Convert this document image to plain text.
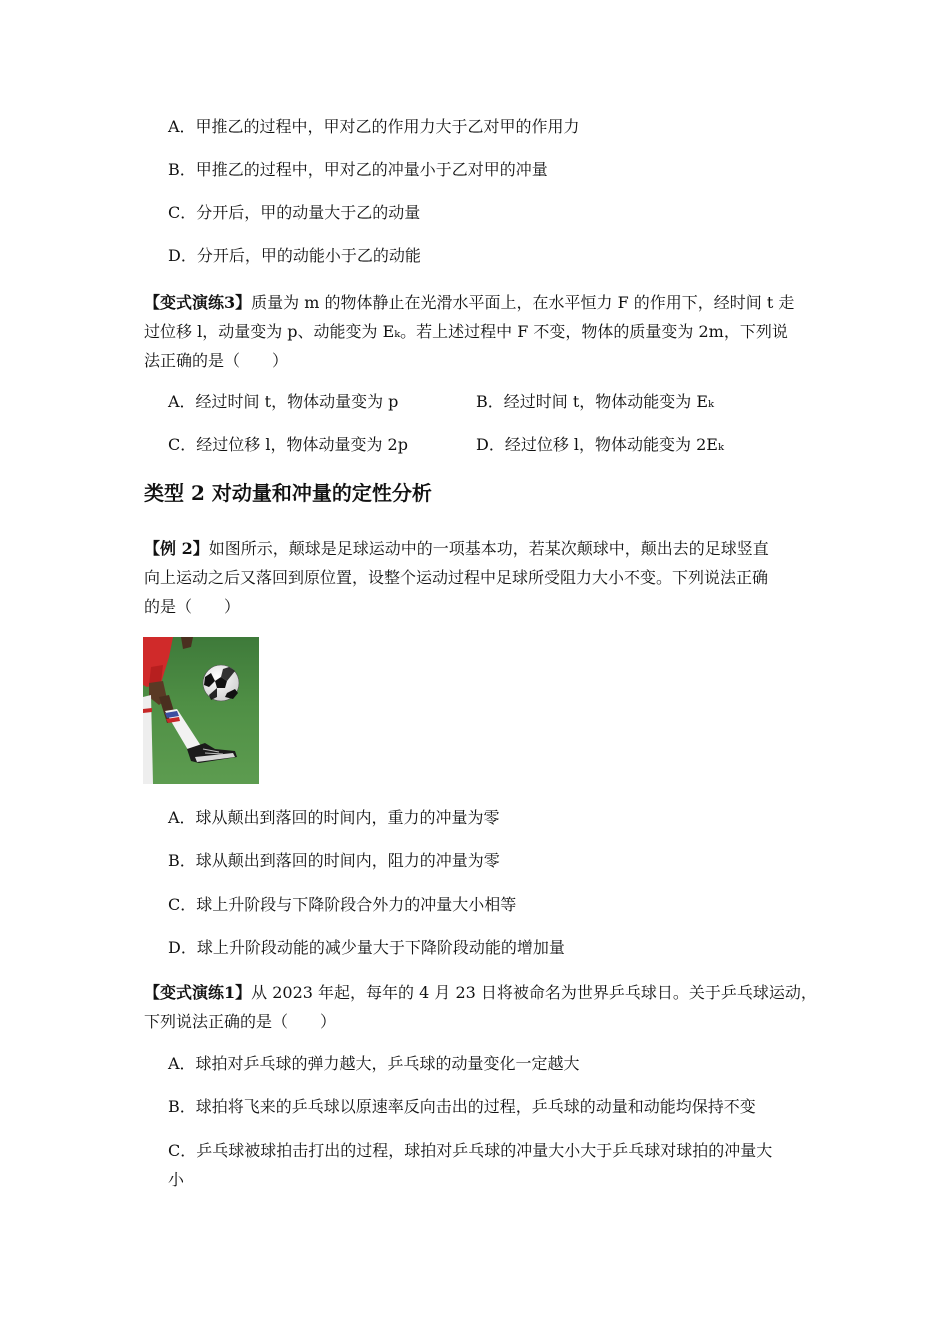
A．甲推乙的过程中，甲对乙的作用力大于乙对甲的作用力
B．甲推乙的过程中，甲对乙的冲量小于乙对甲的冲量
C．分开后，甲的动量大于乙的动量
D．分开后，甲的动能小于乙的动能
【变式演练3】质量为 m 的物体静止在光滑水平面上，在水平恒力 F 的作用下，经时间 t 走
过位移 l，动量变为 p、动能变为 Eₖ。若上述过程中 F 不变，物体的质量变为 2m，下列说
法正确的是（　　）
A．经过时间 t，物体动量变为 p	B．经过时间 t，物体动能变为 Eₖ
C．经过位移 l，物体动量变为 2p	D．经过位移 l，物体动能变为 2Eₖ
类型 2 对动量和冲量的定性分析
【例 2】如图所示，颠球是足球运动中的一项基本功，若某次颠球中，颠出去的足球竖直
向上运动之后又落回到原位置，设整个运动过程中足球所受阻力大小不变。下列说法正确
的是（　　）
A．球从颠出到落回的时间内，重力的冲量为零
B．球从颠出到落回的时间内，阻力的冲量为零
C．球上升阶段与下降阶段合外力的冲量大小相等
D．球上升阶段动能的减少量大于下降阶段动能的增加量
【变式演练1】从 2023 年起，每年的 4 月 23 日将被命名为世界乒乓球日。关于乒乓球运动，
下列说法正确的是（　　）
A．球拍对乒乓球的弹力越大，乒乓球的动量变化一定越大
B．球拍将飞来的乒乓球以原速率反向击出的过程，乒乓球的动量和动能均保持不变
C．乒乓球被球拍击打出的过程，球拍对乒乓球的冲量大小大于乒乓球对球拍的冲量大
小
